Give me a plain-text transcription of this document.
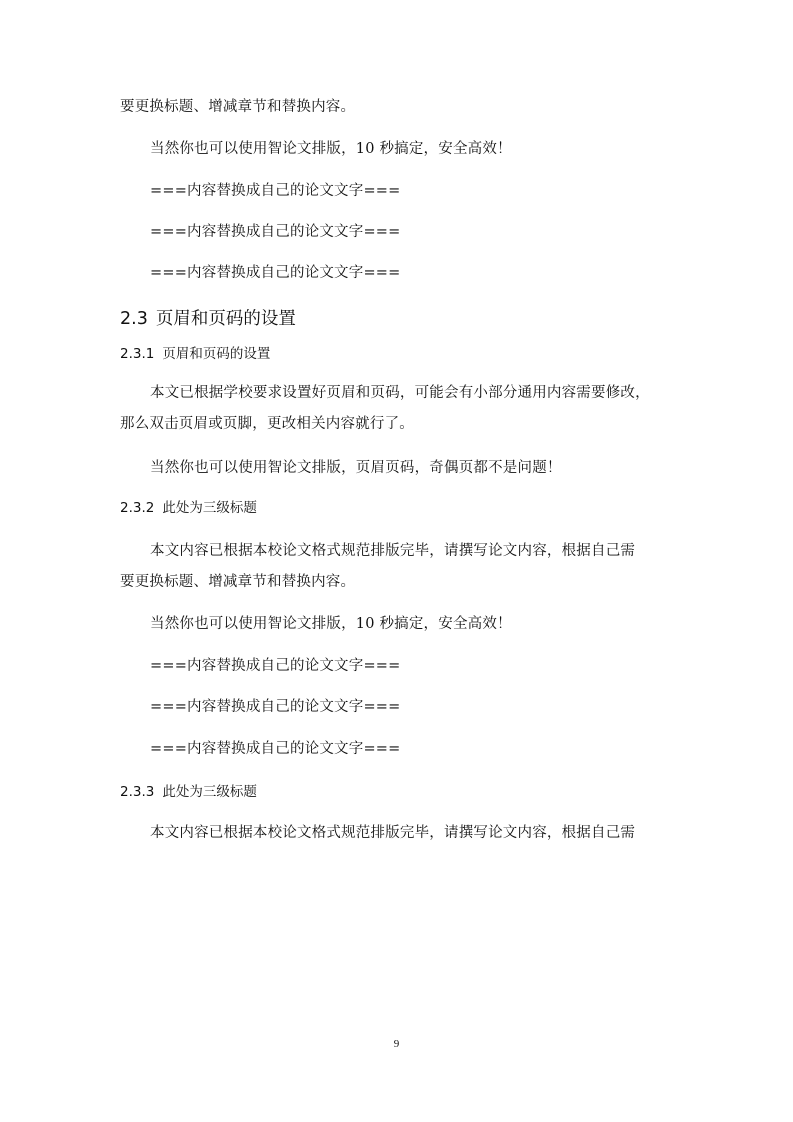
要更换标题、增减章节和替换内容。

当然你也可以使用智论文排版，10 秒搞定，安全高效！

===内容替换成自己的论文文字===

===内容替换成自己的论文文字===

===内容替换成自己的论文文字===

2.3 页眉和页码的设置
2.3.1 页眉和页码的设置

本文已根据学校要求设置好页眉和页码，可能会有小部分通用内容需要修改，

那么双击页眉或页脚，更改相关内容就行了。

当然你也可以使用智论文排版，页眉页码，奇偶页都不是问题！

2.3.2 此处为三级标题

本文内容已根据本校论文格式规范排版完毕，请撰写论文内容，根据自己需

要更换标题、增减章节和替换内容。

当然你也可以使用智论文排版，10 秒搞定，安全高效！

===内容替换成自己的论文文字===

===内容替换成自己的论文文字===

===内容替换成自己的论文文字===

2.3.3 此处为三级标题

本文内容已根据本校论文格式规范排版完毕，请撰写论文内容，根据自己需

9
